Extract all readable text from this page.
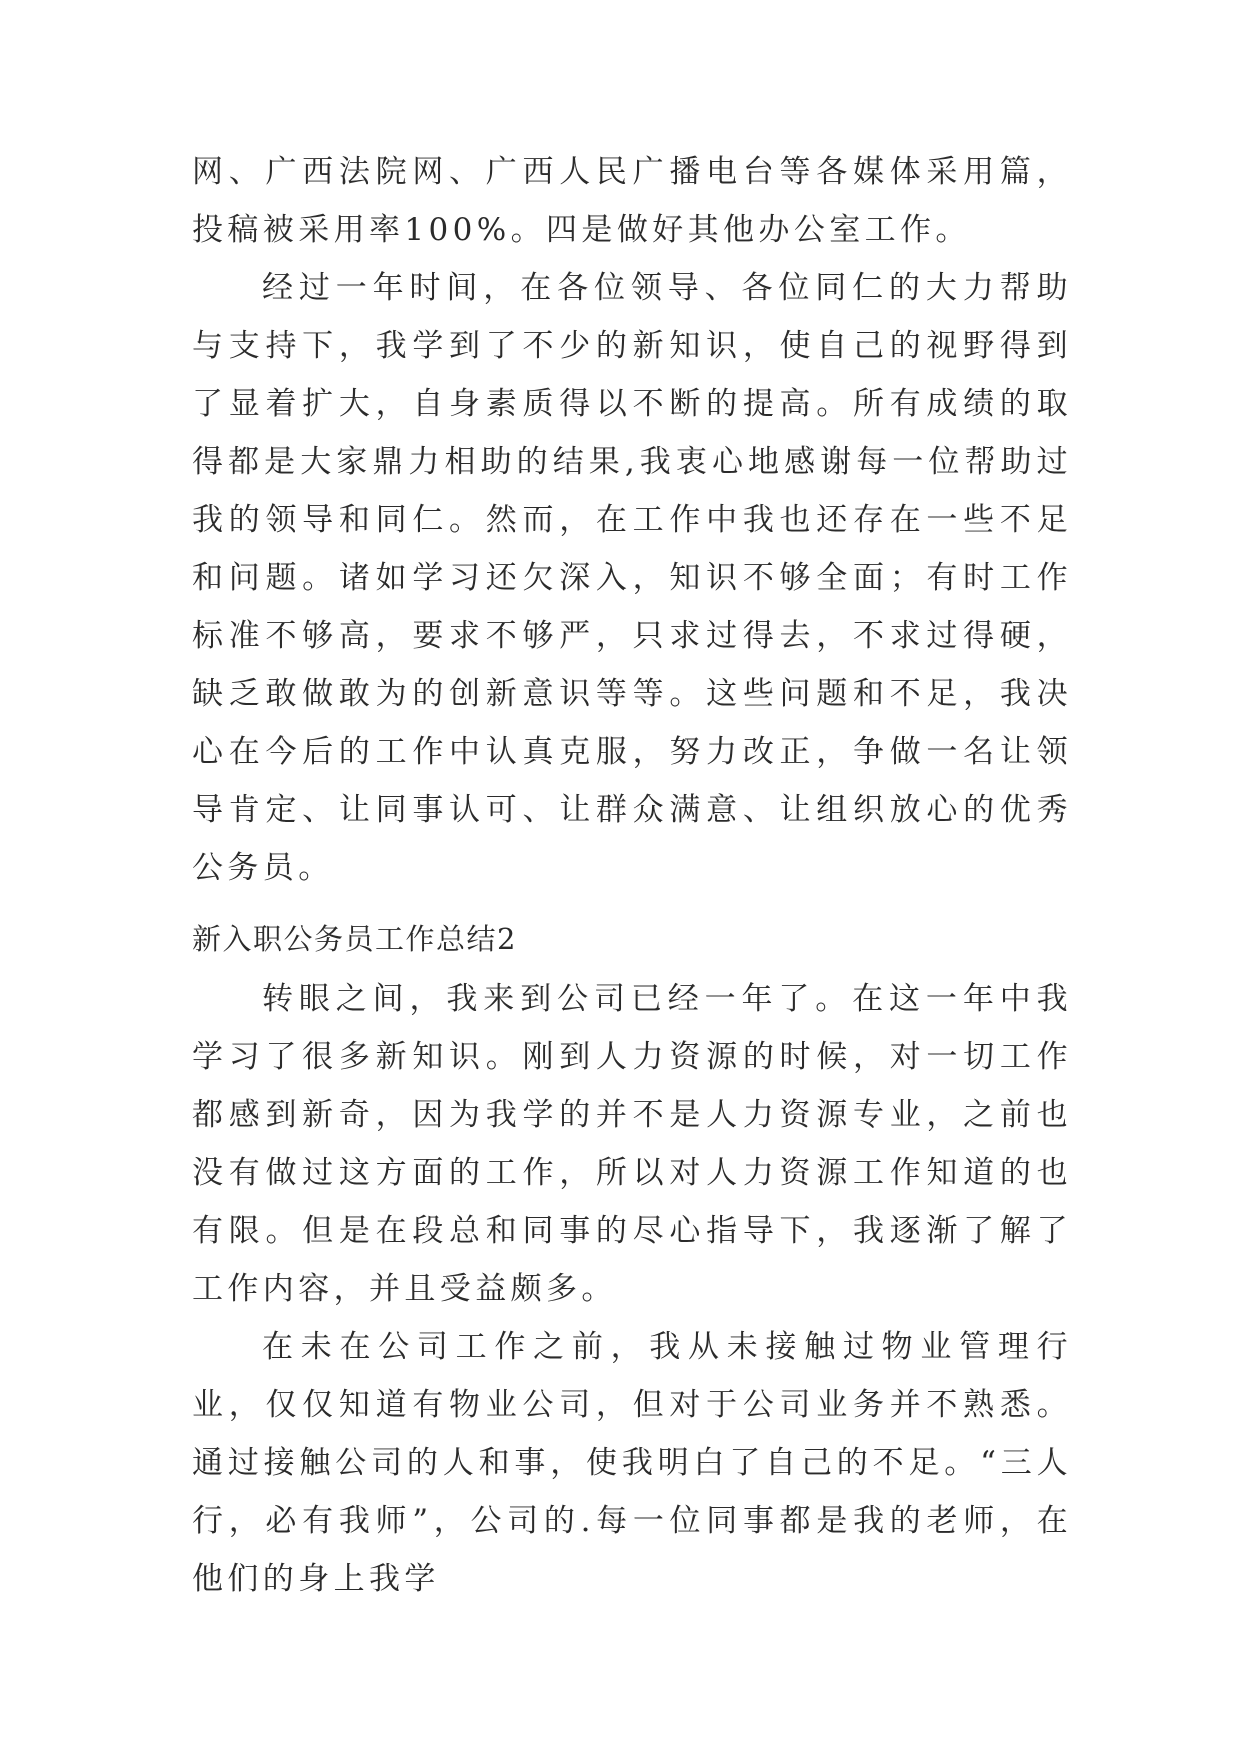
网、广西法院网、广西人民广播电台等各媒体采用篇，投稿被采用率100%。四是做好其他办公室工作。

经过一年时间，在各位领导、各位同仁的大力帮助与支持下，我学到了不少的新知识，使自己的视野得到了显着扩大，自身素质得以不断的提高。所有成绩的取得都是大家鼎力相助的结果,我衷心地感谢每一位帮助过我的领导和同仁。然而，在工作中我也还存在一些不足和问题。诸如学习还欠深入，知识不够全面；有时工作标准不够高，要求不够严，只求过得去，不求过得硬，缺乏敢做敢为的创新意识等等。这些问题和不足，我决心在今后的工作中认真克服，努力改正，争做一名让领导肯定、让同事认可、让群众满意、让组织放心的优秀公务员。

新入职公务员工作总结2

转眼之间，我来到公司已经一年了。在这一年中我学习了很多新知识。刚到人力资源的时候，对一切工作都感到新奇，因为我学的并不是人力资源专业，之前也没有做过这方面的工作，所以对人力资源工作知道的也有限。但是在段总和同事的尽心指导下，我逐渐了解了工作内容，并且受益颇多。

在未在公司工作之前，我从未接触过物业管理行业，仅仅知道有物业公司，但对于公司业务并不熟悉。通过接触公司的人和事，使我明白了自己的不足。“三人行，必有我师”，公司的.每一位同事都是我的老师，在他们的身上我学
